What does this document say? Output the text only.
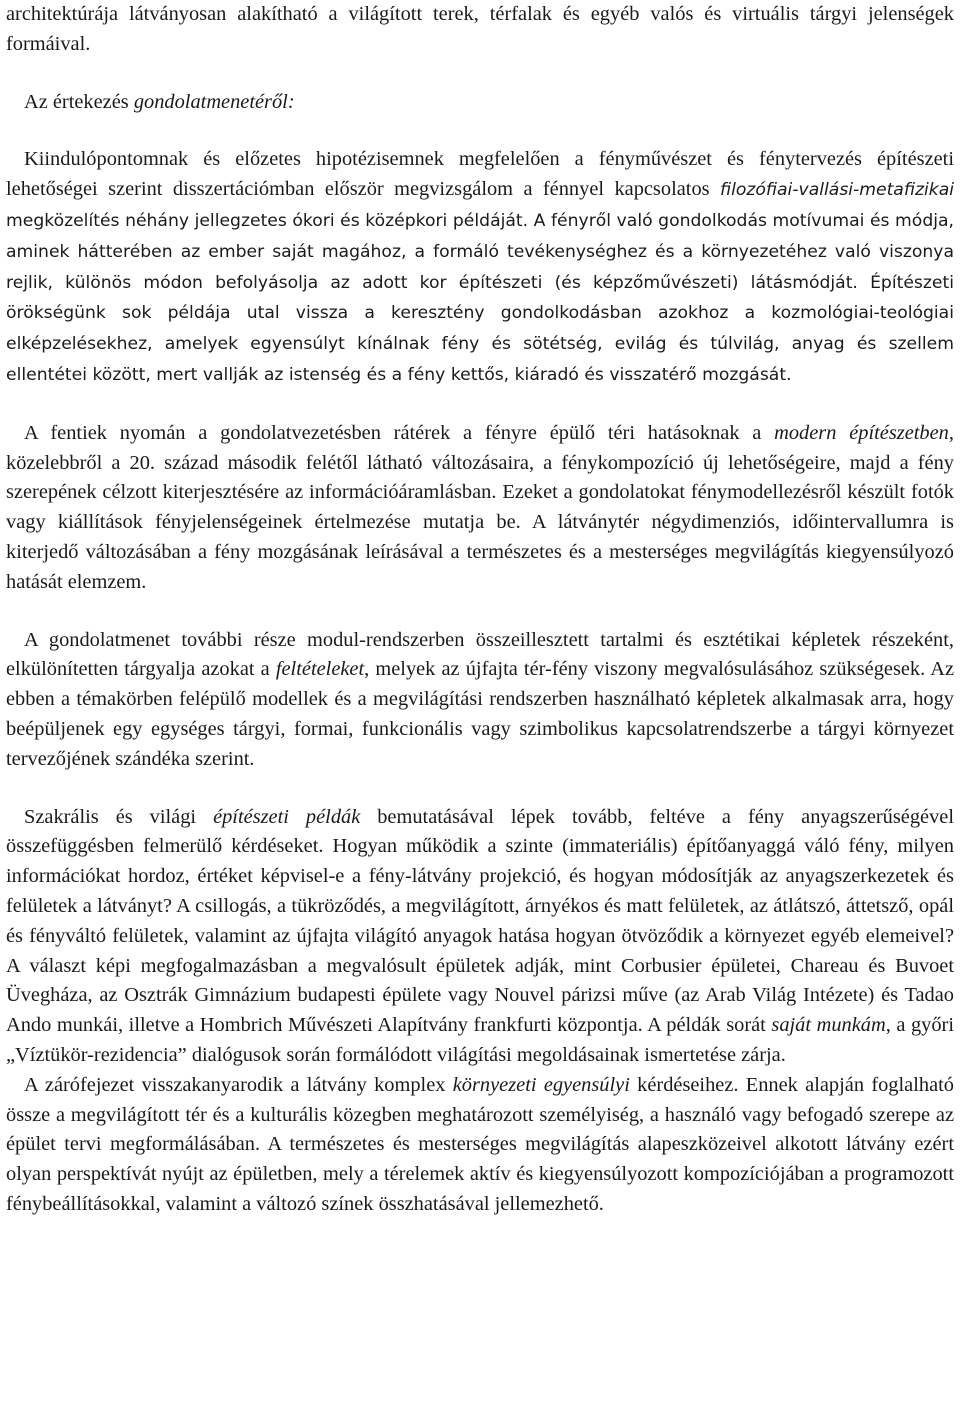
architektúrája látványosan alakítható a világított terek, térfalak és egyéb valós és virtuális tárgyi jelenségek formáival.

Az értekezés gondolatmenetéről:

Kiindulópontomnak és előzetes hipotézisemnek megfelelően a fényművészet és fénytervezés építészeti lehetőségei szerint disszertációmban először megvizsgálom a fénnyel kapcsolatos filozófiai-vallási-metafizikai megközelítés néhány jellegzetes ókori és középkori példáját. A fényről való gondolkodás motívumai és módja, aminek hátterében az ember saját magához, a formáló tevékenységhez és a környezetéhez való viszonya rejlik, különös módon befolyásolja az adott kor építészeti (és képzőművészeti) látásmódját. Építészeti örökségünk sok példája utal vissza a keresztény gondolkodásban azokhoz a kozmológiai-teológiai elképzelésekhez, amelyek egyensúlyt kínálnak fény és sötétség, evilág és túlvilág, anyag és szellem ellentétei között, mert vallják az istenség és a fény kettős, kiáradó és visszatérő mozgását.

A fentiek nyomán a gondolatvezetésben rátérek a fényre épülő téri hatásoknak a modern építészetben, közelebbről a 20. század második felétől látható változásaira, a fénykompozíció új lehetőségeire, majd a fény szerepének célzott kiterjesztésére az információáramlásban. Ezeket a gondolatokat fénymodellezésről készült fotók vagy kiállítások fényjelenségeinek értelmezése mutatja be. A látványtér négydimenziós, időintervallumra is kiterjedő változásában a fény mozgásának leírásával a természetes és a mesterséges megvilágítás kiegyensúlyozó hatását elemzem.

A gondolatmenet további része modul-rendszerben összeillesztett tartalmi és esztétikai képletek részeként, elkülönítetten tárgyalja azokat a feltételeket, melyek az újfajta tér-fény viszony megvalósulásához szükségesek. Az ebben a témakörben felépülő modellek és a megvilágítási rendszerben használható képletek alkalmasak arra, hogy beépüljenek egy egységes tárgyi, formai, funkcionális vagy szimbolikus kapcsolatrendszerbe a tárgyi környezet tervezőjének szándéka szerint.

Szakrális és világi építészeti példák bemutatásával lépek tovább, feltéve a fény anyagszerűségével összefüggésben felmerülő kérdéseket. Hogyan működik a szinte (immateriális) építőanyaggá váló fény, milyen információkat hordoz, értéket képvisel-e a fény-látvány projekció, és hogyan módosítják az anyagszerkezetek és felületek a látványt? A csillogás, a tükröződés, a megvilágított, árnyékos és matt felületek, az átlátszó, áttetsző, opál és fényváltó felületek, valamint az újfajta világító anyagok hatása hogyan ötvöződik a környezet egyéb elemeivel? A választ képi megfogalmazásban a megvalósult épületek adják, mint Corbusier épületei, Chareau és Buvoet Üvegháza, az Osztrák Gimnázium budapesti épülete vagy Nouvel párizsi műve (az Arab Világ Intézete) és Tadao Ando munkái, illetve a Hombrich Művészeti Alapítvány frankfurti központja. A példák sorát saját munkám, a győri „Víztükör-rezidencia” dialógusok során formálódott világítási megoldásainak ismertetése zárja.

A zárófejezet visszakanyarodik a látvány komplex környezeti egyensúlyi kérdéseihez. Ennek alapján foglalható össze a megvilágított tér és a kulturális közegben meghatározott személyiség, a használó vagy befogadó szerepe az épület tervi megformálásában. A természetes és mesterséges megvilágítás alapeszközeivel alkotott látvány ezért olyan perspektívát nyújt az épületben, mely a térelemek aktív és kiegyensúlyozott kompozíciójában a programozott fénybeállításokkal, valamint a változó színek összhatásával jellemezhető.
